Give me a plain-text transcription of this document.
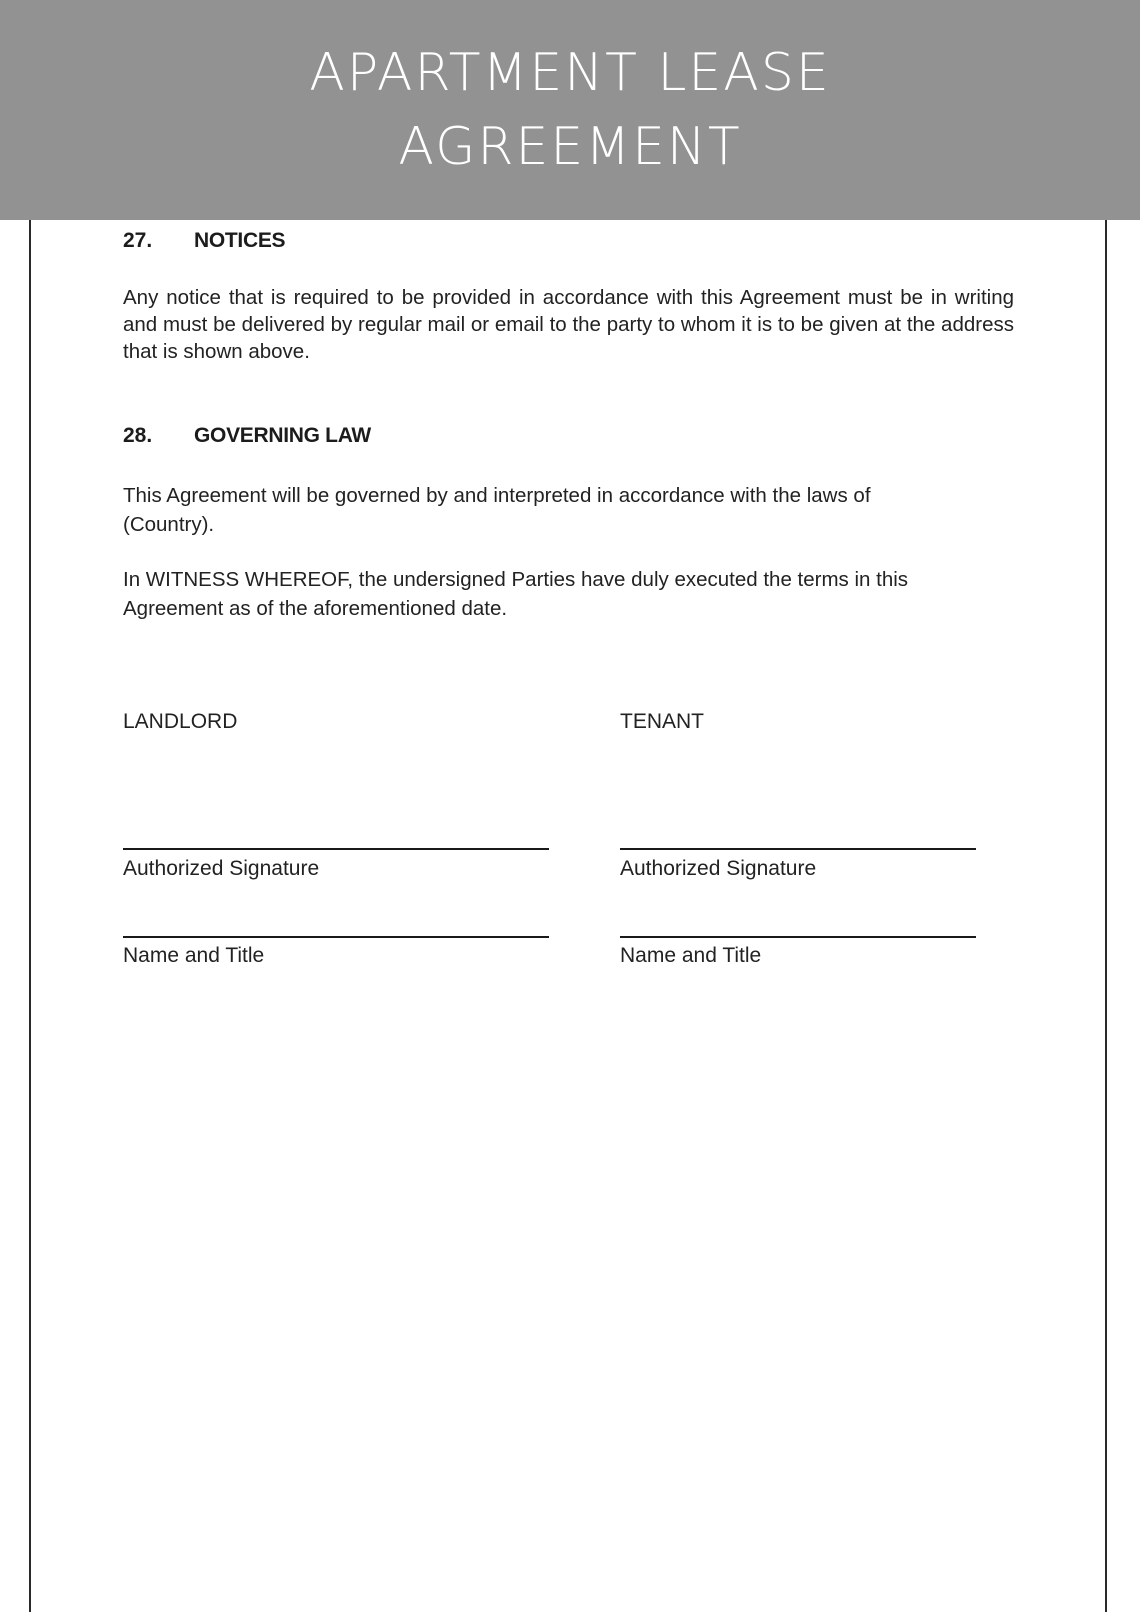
APARTMENT LEASE
AGREEMENT
27.	NOTICES

Any notice that is required to be provided in accordance with this Agreement must be in writing and must be delivered by regular mail or email to the party to whom it is to be given at the address that is shown above.

28.	GOVERNING LAW

This Agreement will be governed by and interpreted in accordance with the laws of (Country).

In WITNESS WHEREOF, the undersigned Parties have duly executed the terms in this Agreement as of the aforementioned date.

LANDLORD
Authorized Signature
Name and Title
TENANT
Authorized Signature
Name and Title
